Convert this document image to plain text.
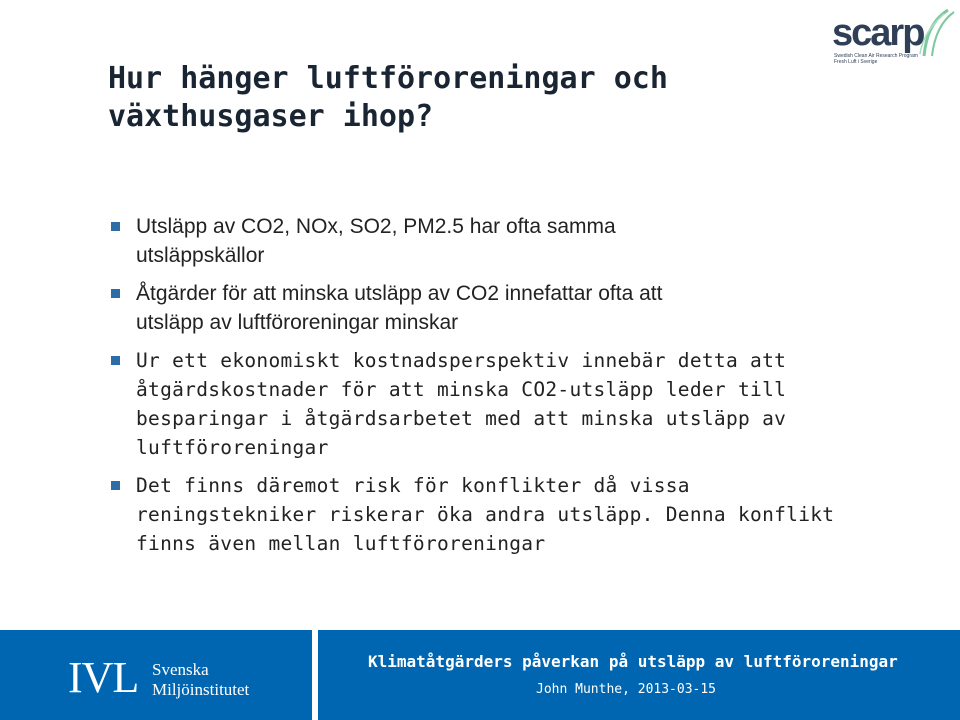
scarp
Swedish Clean Air Research Program
Fresh Luft i Sverige
Hur hänger luftföroreningar och
växthusgaser ihop?
Utsläpp av CO2, NOx, SO2, PM2.5 har ofta samma
utsläppskällor
Åtgärder för att minska utsläpp av CO2 innefattar ofta att
utsläpp av luftföroreningar minskar
Ur ett ekonomiskt kostnadsperspektiv innebär detta att
åtgärdskostnader för att minska CO2-utsläpp leder till
besparingar i åtgärdsarbetet med att minska utsläpp av
luftföroreningar
Det finns däremot risk för konflikter då vissa
reningstekniker riskerar öka andra utsläpp. Denna konflikt
finns även mellan luftföroreningar
IVL Svenska
Miljöinstitutet
Klimatåtgärders påverkan på utsläpp av luftföroreningar
John Munthe, 2013-03-15
